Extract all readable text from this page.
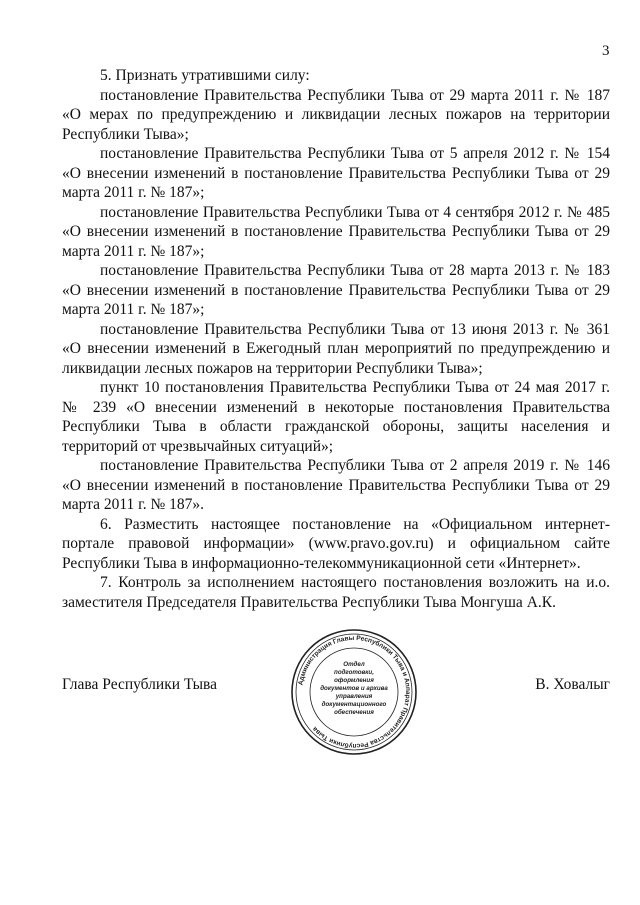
3

5. Признать утратившими силу:

постановление Правительства Республики Тыва от 29 марта 2011 г. № 187 «О мерах по предупреждению и ликвидации лесных пожаров на территории Республики Тыва»;

постановление Правительства Республики Тыва от 5 апреля 2012 г. № 154 «О внесении изменений в постановление Правительства Республики Тыва от 29 марта 2011 г. № 187»;

постановление Правительства Республики Тыва от 4 сентября 2012 г. № 485 «О внесении изменений в постановление Правительства Республики Тыва от 29 марта 2011 г. № 187»;

постановление Правительства Республики Тыва от 28 марта 2013 г. № 183 «О внесении изменений в постановление Правительства Республики Тыва от 29 марта 2011 г. № 187»;

постановление Правительства Республики Тыва от 13 июня 2013 г. № 361 «О внесении изменений в Ежегодный план мероприятий по предупреждению и ликвидации лесных пожаров на территории Республики Тыва»;

пункт 10 постановления Правительства Республики Тыва от 24 мая 2017 г. № 239 «О внесении изменений в некоторые постановления Правительства Республики Тыва в области гражданской обороны, защиты населения и территорий от чрезвычайных ситуаций»;

постановление Правительства Республики Тыва от 2 апреля 2019 г. № 146 «О внесении изменений в постановление Правительства Республики Тыва от 29 марта 2011 г. № 187».

6. Разместить настоящее постановление на «Официальном интернет-портале правовой информации» (www.pravo.gov.ru) и официальном сайте Республики Тыва в информационно-телекоммуникационной сети «Интернет».

7. Контроль за исполнением настоящего постановления возложить на и.о. заместителя Председателя Правительства Республики Тыва Монгуша А.К.

Глава Республики Тыва	В. Ховалыг
Администрация Главы Республики Тыва и Аппарат Правительства Республики Тыва
Отдел
подготовки,
оформления
документов и архива
управления
документационного
обеспечения
